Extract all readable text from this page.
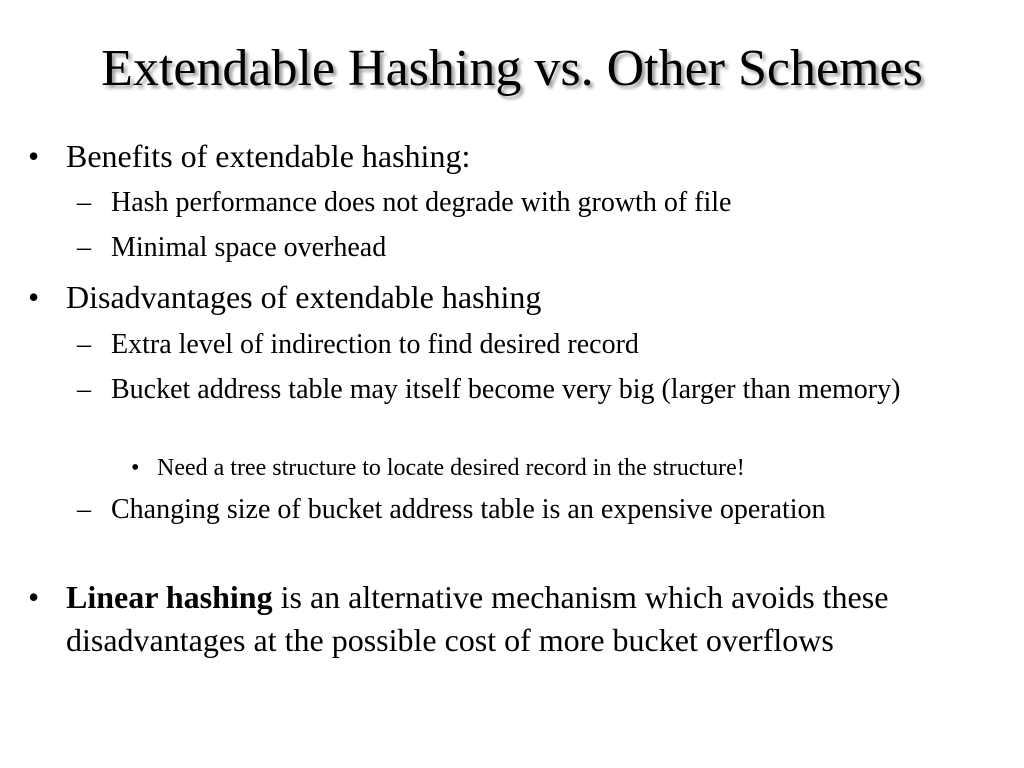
Extendable Hashing vs. Other Schemes
• Benefits of extendable hashing:
– Hash performance does not degrade with growth of file
– Minimal space overhead
• Disadvantages of extendable hashing
– Extra level of indirection to find desired record
– Bucket address table may itself become very big (larger than memory)
• Need a tree structure to locate desired record in the structure!
– Changing size of bucket address table is an expensive operation
• Linear hashing is an alternative mechanism which avoids these disadvantages at the possible cost of more bucket overflows
